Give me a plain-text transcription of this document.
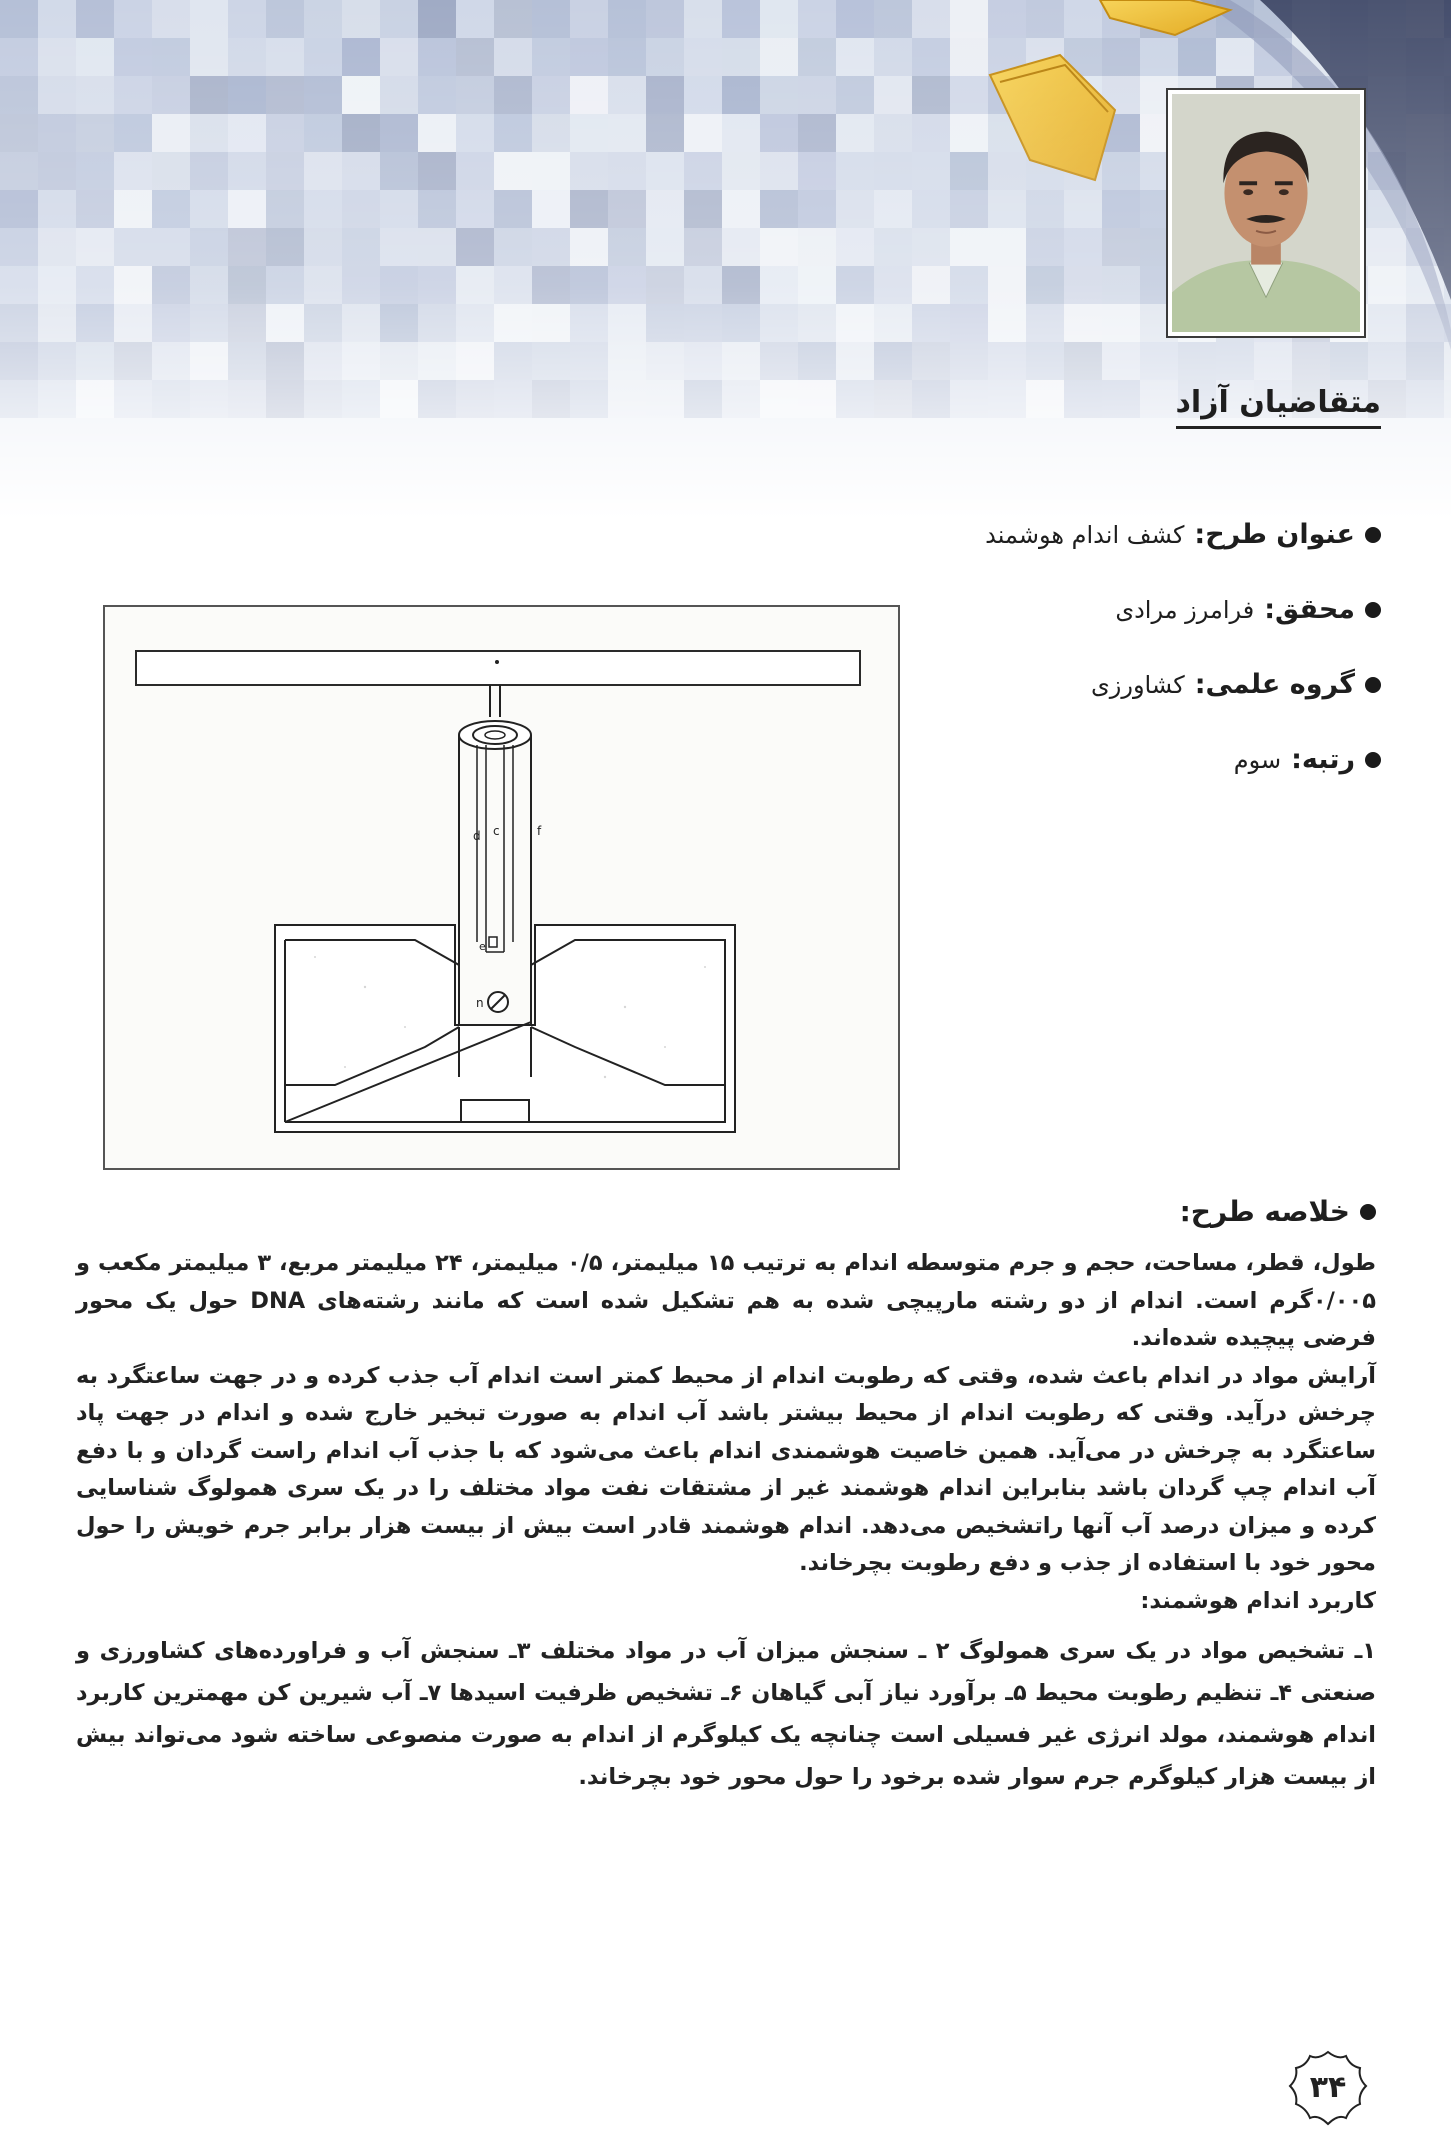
متقاضیان آزاد
عنوان طرح:
کشف اندام هوشمند
محقق:
فرامرز مرادی
گروه علمی:
کشاورزی
رتبه:
سوم
d c	f
e
n
خلاصه طرح:

طول، قطر، مساحت، حجم و جرم متوسطه اندام به ترتیب ۱۵ میلیمتر، ۰/۵ میلیمتر، ۲۴ میلیمتر مربع، ۳ میلیمتر مکعب و ۰/۰۰۵گرم است. اندام از دو رشته مارپیچی شده به هم تشکیل شده است که مانند رشته‌های DNA حول یک محور فرضی پیچیده شده‌اند.

آرایش مواد در اندام باعث شده، وقتی که رطوبت اندام از محیط کمتر است اندام آب جذب کرده و در جهت ساعتگرد به چرخش درآید. وقتی که رطوبت اندام از محیط بیشتر باشد آب اندام به صورت تبخیر خارج شده و اندام در جهت پاد ساعتگرد به چرخش در می‌آید. همین خاصیت هوشمندی اندام باعث می‌شود که با جذب آب اندام راست گردان و با دفع آب اندام چپ گردان باشد بنابراین اندام هوشمند غیر از مشتقات نفت مواد مختلف را در یک سری همولوگ شناسایی کرده و میزان درصد آب آنها راتشخیص می‌دهد. اندام هوشمند قادر است بیش از بیست هزار برابر جرم خویش را حول محور خود با استفاده از جذب و دفع رطوبت بچرخاند.

کاربرد اندام هوشمند:

۱ـ تشخیص مواد در یک سری همولوگ ۲ ـ سنجش میزان آب در مواد مختلف ۳ـ سنجش آب و فراورده‌های کشاورزی و صنعتی ۴ـ تنظیم رطوبت محیط ۵ـ برآورد نیاز آبی گیاهان ۶ـ تشخیص ظرفیت اسیدها ۷ـ آب شیرین کن مهمترین کاربرد اندام هوشمند، مولد انرژی غیر فسیلی است چنانچه یک کیلوگرم از اندام به صورت منصوعی ساخته شود می‌تواند بیش از بیست هزار کیلوگرم جرم سوار شده برخود را حول محور خود بچرخاند.

۳۴
